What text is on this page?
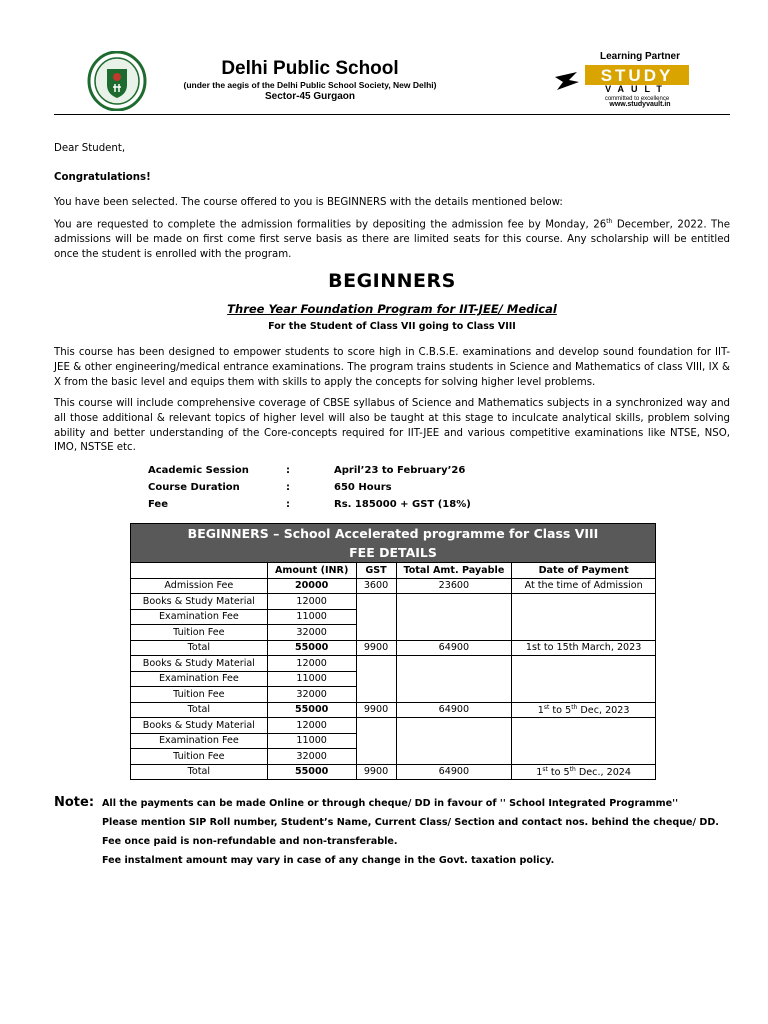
Delhi Public School
(under the aegis of the Delhi Public School Society, New Delhi)
Sector-45 Gurgaon
Learning Partner
STUDY
VAULT
committed to excellence
www.studyvault.in
Dear Student,
Congratulations!
You have been selected. The course offered to you is BEGINNERS with the details mentioned below:
You are requested to complete the admission formalities by depositing the admission fee by Monday, 26th December, 2022. The admissions will be made on first come first serve basis as there are limited seats for this course. Any scholarship will be entitled once the student is enrolled with the program.
BEGINNERS
Three Year Foundation Program for IIT-JEE/ Medical
For the Student of Class VII going to Class VIII
This course has been designed to empower students to score high in C.B.S.E. examinations and develop sound foundation for IIT-JEE & other engineering/medical entrance examinations. The program trains students in Science and Mathematics of class VIII, IX & X from the basic level and equips them with skills to apply the concepts for solving higher level problems.
This course will include comprehensive coverage of CBSE syllabus of Science and Mathematics subjects in a synchronized way and all those additional & relevant topics of higher level will also be taught at this stage to inculcate analytical skills, problem solving ability and better understanding of the Core-concepts required for IIT-JEE and various competitive examinations like NTSE, NSO, IMO, NSTSE etc.
Academic Session	:	April’23 to February’26
Course Duration	:	650 Hours
Fee	:	Rs. 185000 + GST (18%)
BEGINNERS – School Accelerated programme for Class VIII				
FEE DETAILS				
	Amount (INR)	GST	Total Amt. Payable	Date of Payment
Admission Fee	20000	3600	23600	At the time of Admission
Books & Study Material	12000			
Examination Fee	11000			
Tuition Fee	32000			
Total	55000	9900	64900	1st to 15th March, 2023
Books & Study Material	12000			
Examination Fee	11000			
Tuition Fee	32000			
Total	55000	9900	64900	1st to 5th Dec, 2023
Books & Study Material	12000			
Examination Fee	11000			
Tuition Fee	32000			
Total	55000	9900	64900	1st to 5th Dec., 2024
Note: All the payments can be made Online or through cheque/ DD in favour of '' School Integrated Programme''
Please mention SIP Roll number, Student’s Name, Current Class/ Section and contact nos. behind the cheque/ DD.
Fee once paid is non-refundable and non-transferable.
Fee instalment amount may vary in case of any change in the Govt. taxation policy.
